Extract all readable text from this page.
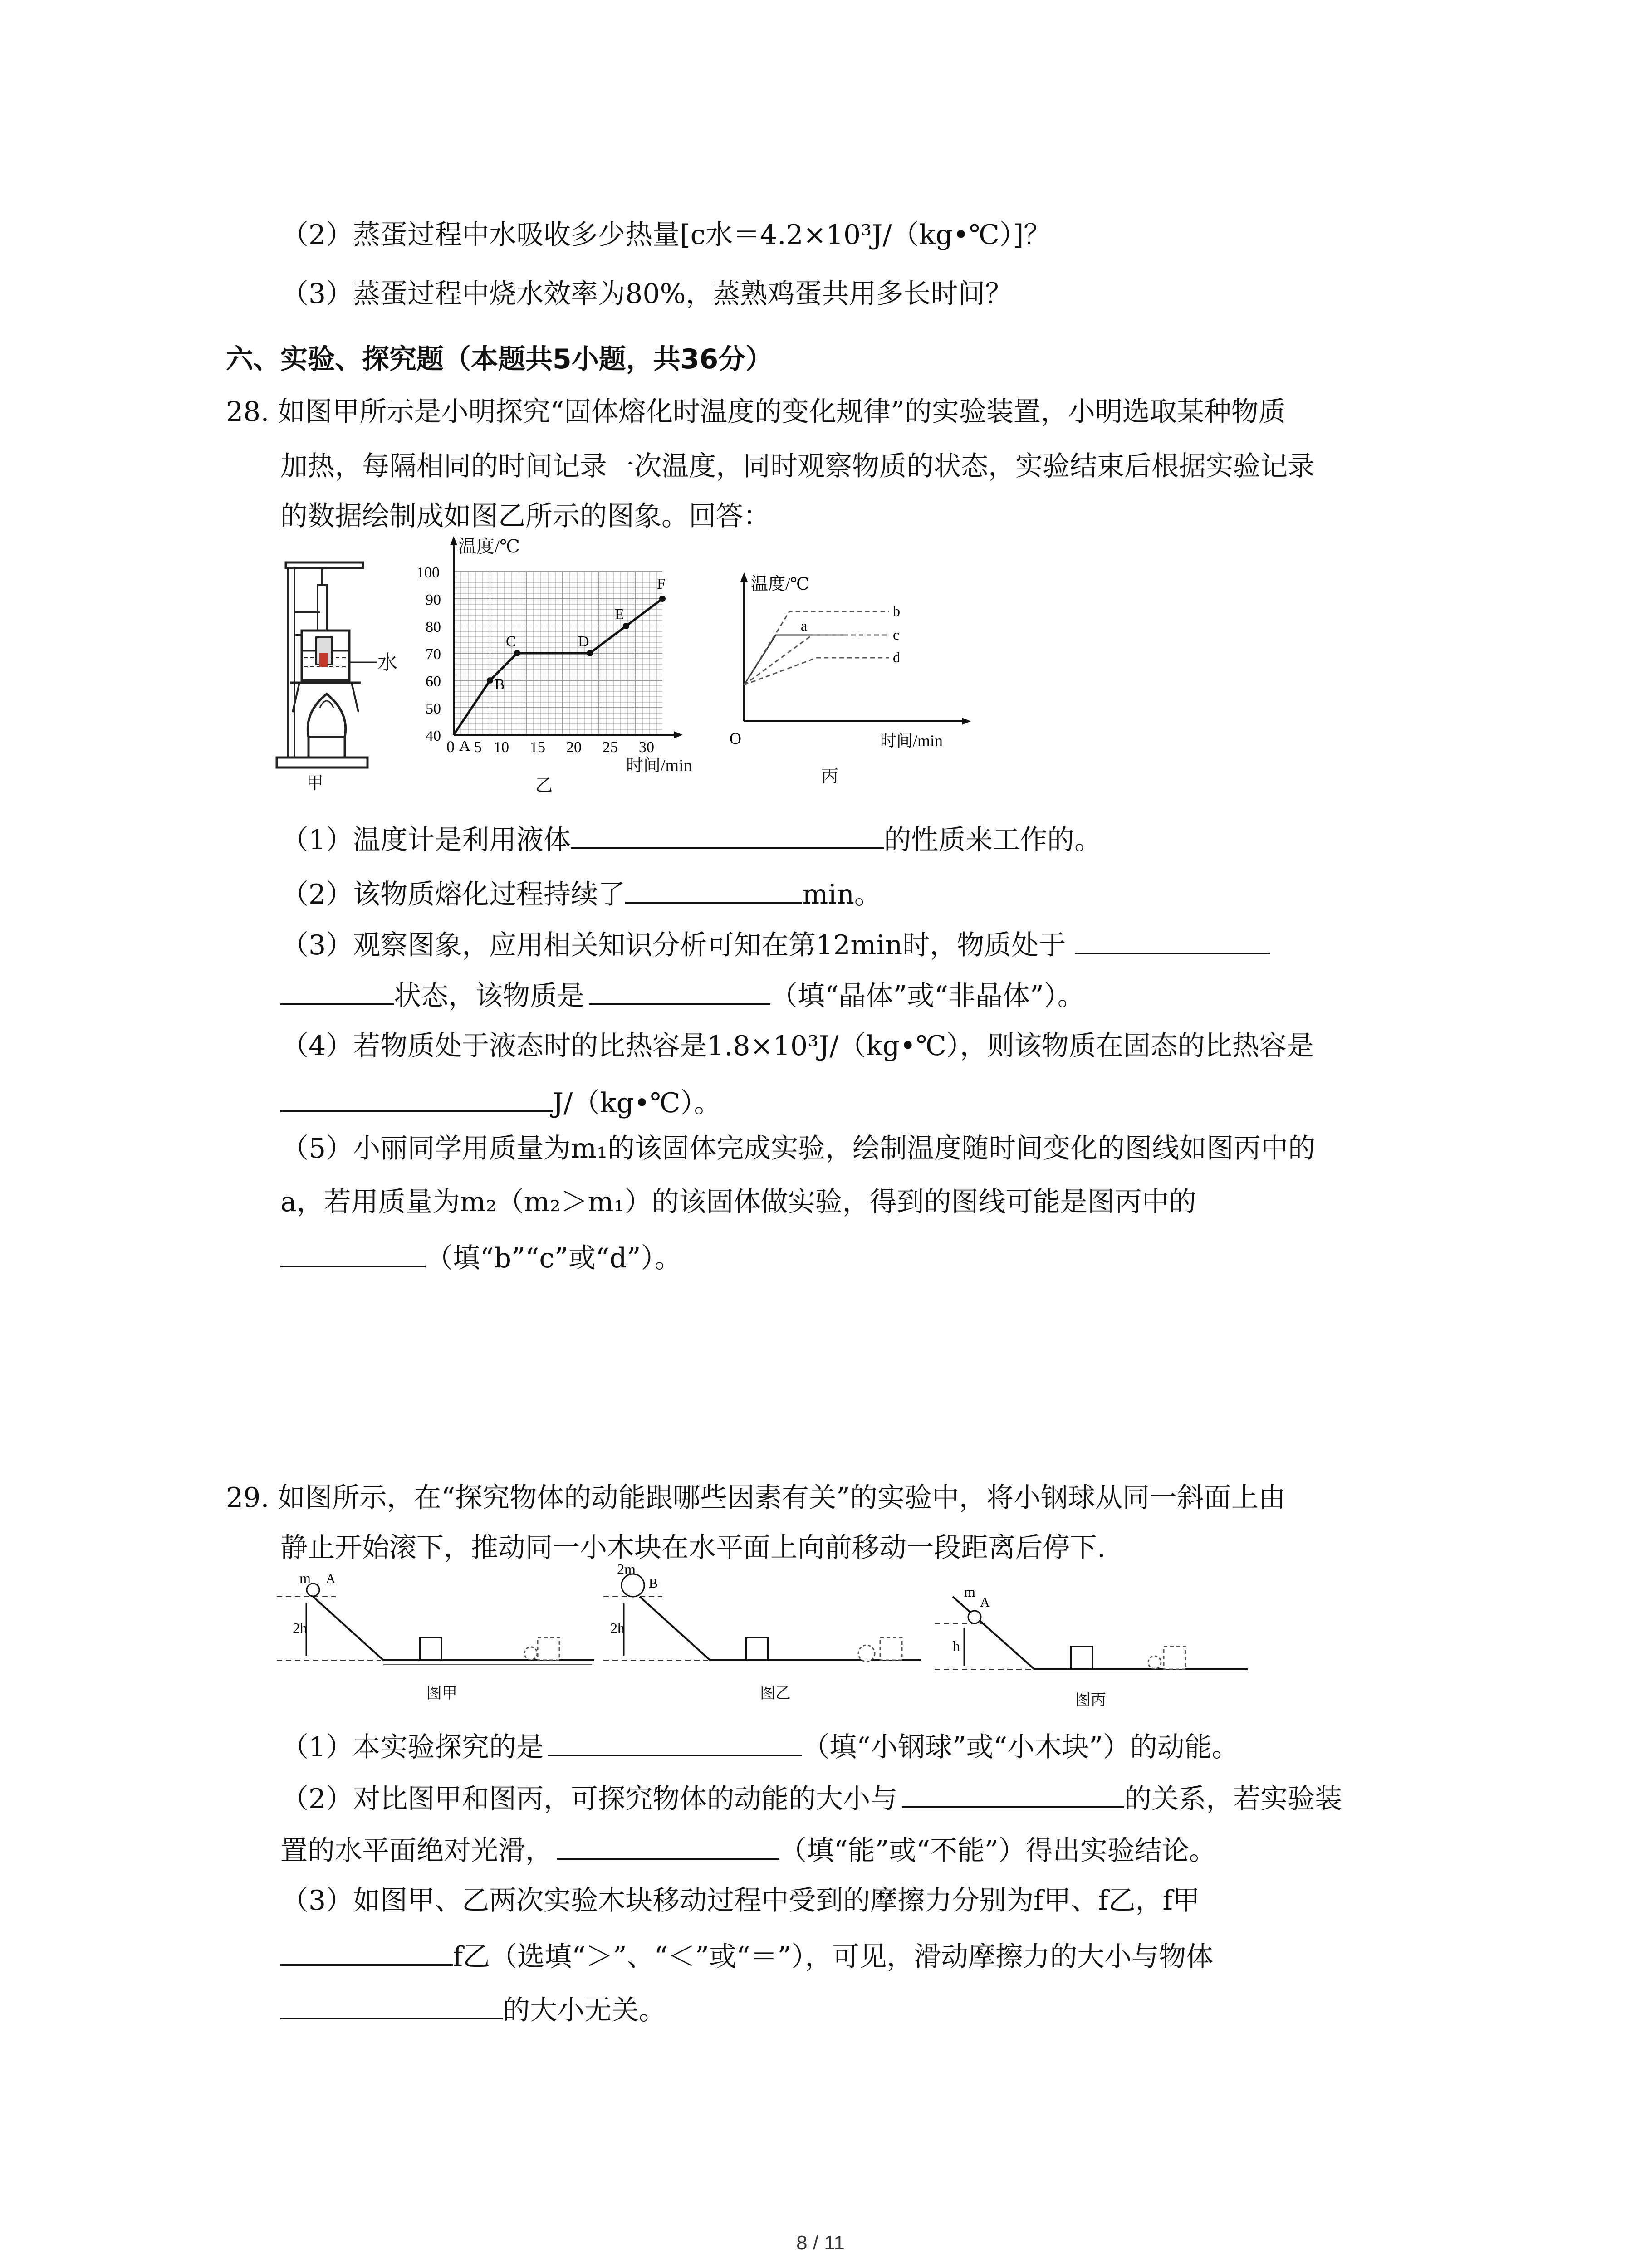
（2）蒸蛋过程中水吸收多少热量[c水＝4.2×10³J/（kg•℃）]？
（3）蒸蛋过程中烧水效率为80%，蒸熟鸡蛋共用多长时间？
六、实验、探究题（本题共5小题，共36分）
28. 如图甲所示是小明探究“固体熔化时温度的变化规律”的实验装置，小明选取某种物质
加热，每隔相同的时间记录一次温度，同时观察物质的状态，实验结束后根据实验记录
的数据绘制成如图乙所示的图象。回答：
水
甲
温度/℃
时间/min
0
40
50
60
70
80
90
100
5 10 15 20 25 30
A
B
C	D
E
F
乙
温度/℃
时间/min
O
a
b
c
d
丙
（1）温度计是利用液体	的性质来工作的。
（2）该物质熔化过程持续了	min。
（3）观察图象，应用相关知识分析可知在第12min时，物质处于
状态，该物质是	（填“晶体”或“非晶体”）。
（4）若物质处于液态时的比热容是1.8×10³J/（kg•℃），则该物质在固态的比热容是
J/（kg•℃）。
（5）小丽同学用质量为m₁的该固体完成实验，绘制温度随时间变化的图线如图丙中的
a，若用质量为m₂（m₂＞m₁）的该固体做实验，得到的图线可能是图丙中的
（填“b”“c”或“d”）。
29. 如图所示，在“探究物体的动能跟哪些因素有关”的实验中，将小钢球从同一斜面上由
静止开始滚下，推动同一小木块在水平面上向前移动一段距离后停下.
m A
2h
图甲
2m
B
2h
图乙
m
A
h
图丙
（1）本实验探究的是	（填“小钢球”或“小木块”）的动能。
（2）对比图甲和图丙，可探究物体的动能的大小与	的关系，若实验装
置的水平面绝对光滑，	（填“能”或“不能”）得出实验结论。
（3）如图甲、乙两次实验木块移动过程中受到的摩擦力分别为f甲、f乙，f甲
f乙（选填“＞”、“＜”或“＝”），可见，滑动摩擦力的大小与物体
的大小无关。
8 / 11
